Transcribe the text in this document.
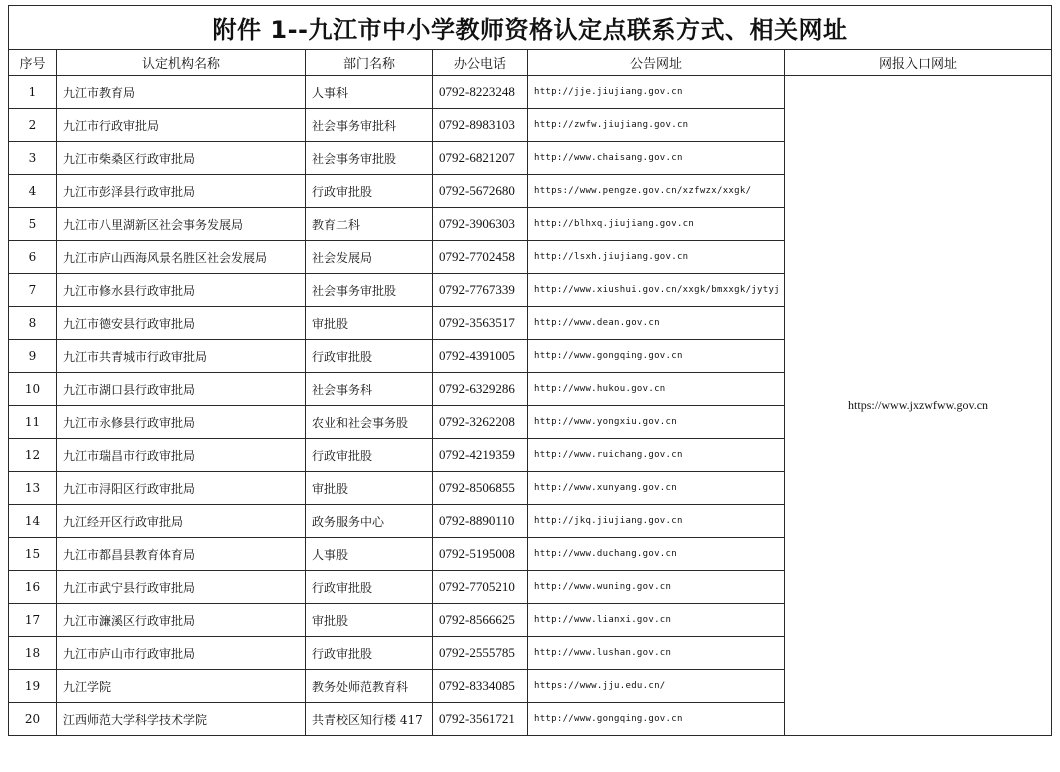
附件 1--九江市中小学教师资格认定点联系方式、相关网址					
序号	认定机构名称	部门名称	办公电话	公告网址	网报入口网址
1	九江市教育局	人事科	0792-8223248	http://jje.jiujiang.gov.cn	https://www.jxzwfww.gov.cn
2	九江市行政审批局	社会事务审批科	0792-8983103	http://zwfw.jiujiang.gov.cn	
3	九江市柴桑区行政审批局	社会事务审批股	0792-6821207	http://www.chaisang.gov.cn	
4	九江市彭泽县行政审批局	行政审批股	0792-5672680	https://www.pengze.gov.cn/xzfwzx/xxgk/	
5	九江市八里湖新区社会事务发展局	教育二科	0792-3906303	http://blhxq.jiujiang.gov.cn	
6	九江市庐山西海风景名胜区社会发展局	社会发展局	0792-7702458	http://lsxh.jiujiang.gov.cn	
7	九江市修水县行政审批局	社会事务审批股	0792-7767339	http://www.xiushui.gov.cn/xxgk/bmxxgk/jytyj	
8	九江市德安县行政审批局	审批股	0792-3563517	http://www.dean.gov.cn	
9	九江市共青城市行政审批局	行政审批股	0792-4391005	http://www.gongqing.gov.cn	
10	九江市湖口县行政审批局	社会事务科	0792-6329286	http://www.hukou.gov.cn	
11	九江市永修县行政审批局	农业和社会事务股	0792-3262208	http://www.yongxiu.gov.cn	
12	九江市瑞昌市行政审批局	行政审批股	0792-4219359	http://www.ruichang.gov.cn	
13	九江市浔阳区行政审批局	审批股	0792-8506855	http://www.xunyang.gov.cn	
14	九江经开区行政审批局	政务服务中心	0792-8890110	http://jkq.jiujiang.gov.cn	
15	九江市都昌县教育体育局	人事股	0792-5195008	http://www.duchang.gov.cn	
16	九江市武宁县行政审批局	行政审批股	0792-7705210	http://www.wuning.gov.cn	
17	九江市濂溪区行政审批局	审批股	0792-8566625	http://www.lianxi.gov.cn	
18	九江市庐山市行政审批局	行政审批股	0792-2555785	http://www.lushan.gov.cn	
19	九江学院	教务处师范教育科	0792-8334085	https://www.jju.edu.cn/	
20	江西师范大学科学技术学院	共青校区知行楼 417	0792-3561721	http://www.gongqing.gov.cn	
